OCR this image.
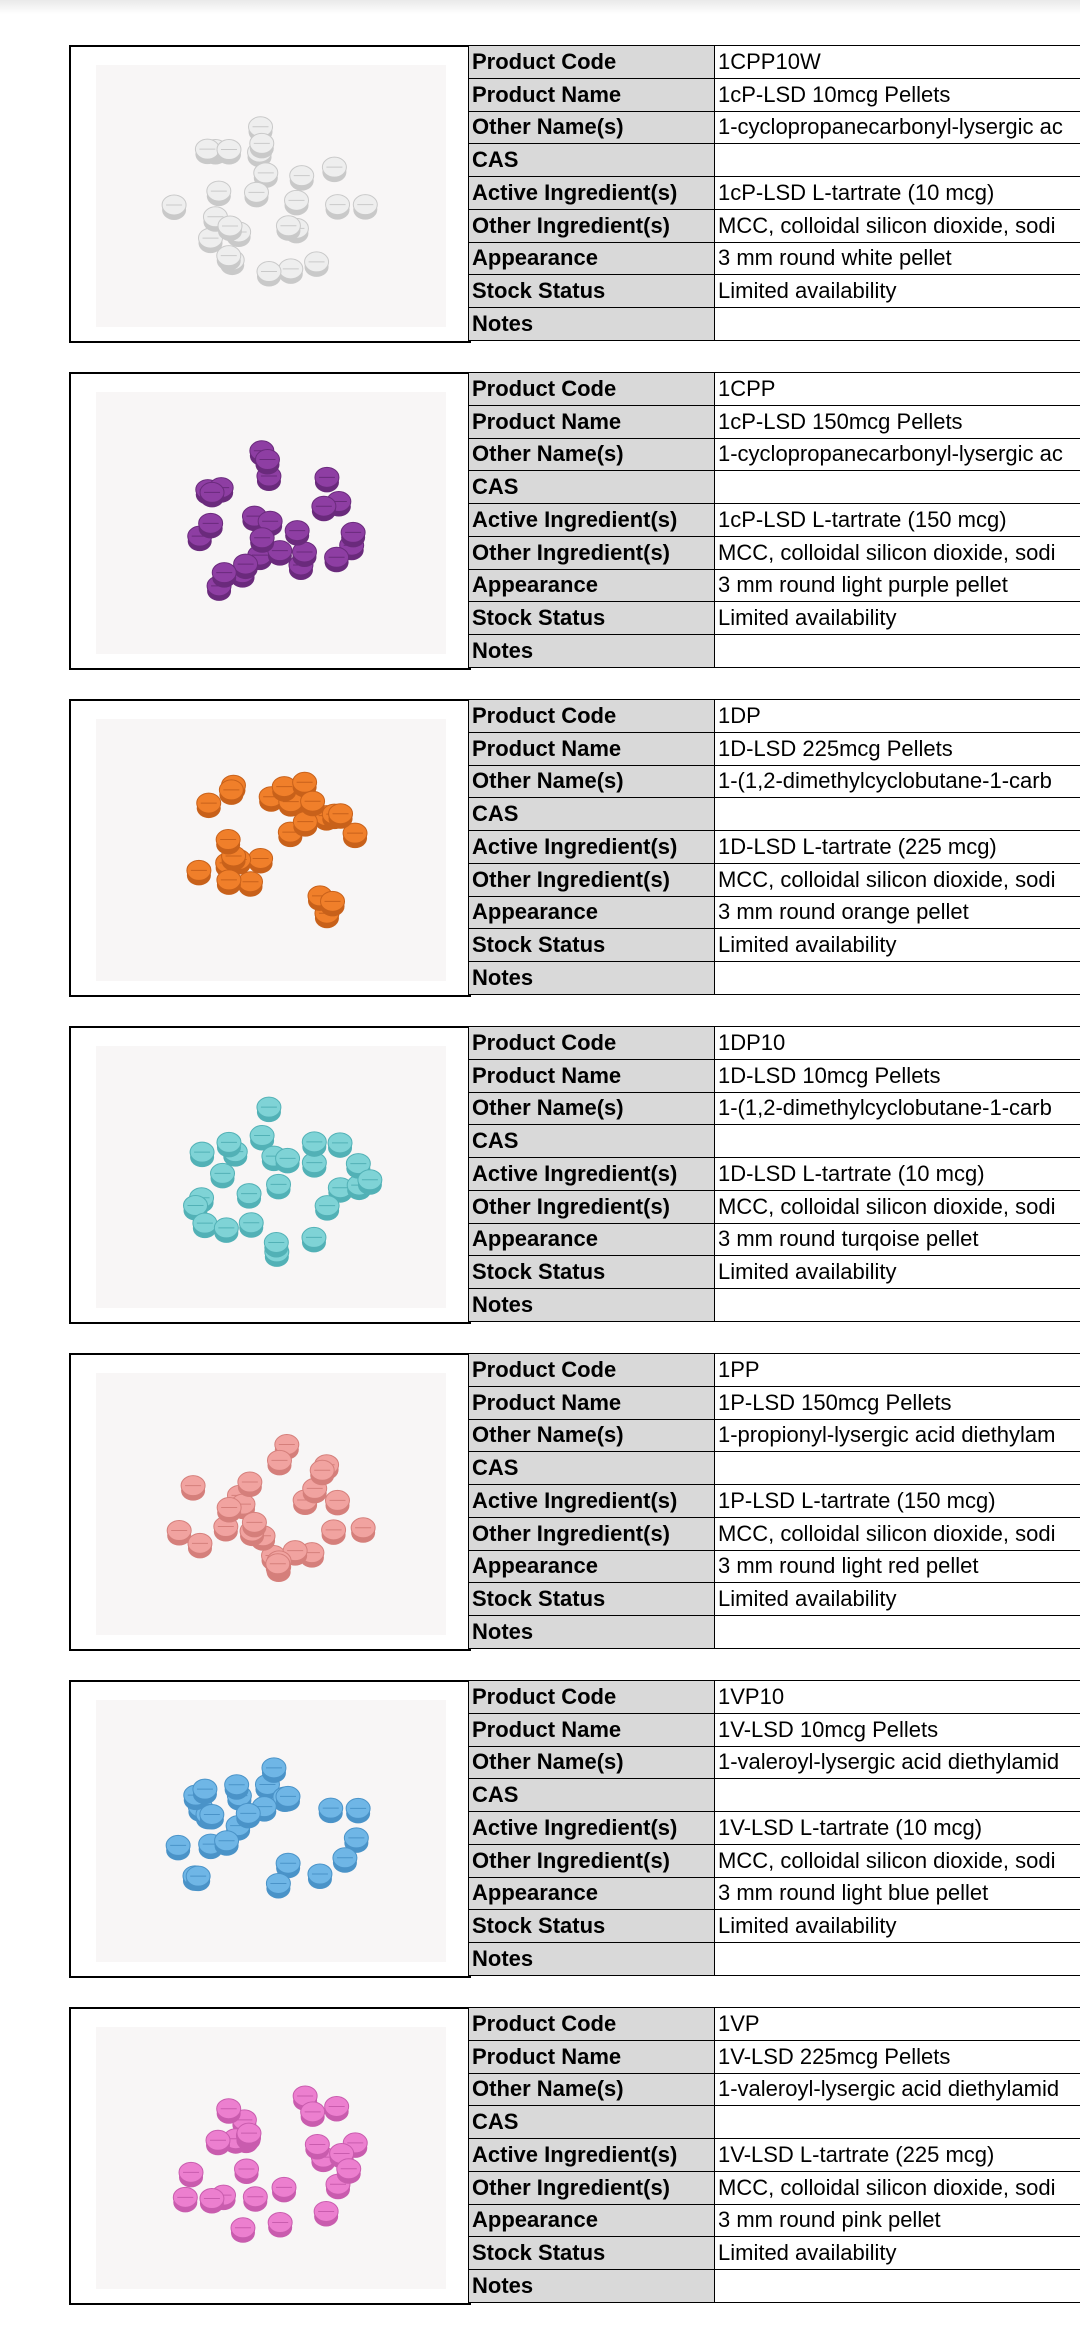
Product Code	1CPP10W
Product Name	1cP-LSD 10mcg Pellets
Other Name(s)	1-cyclopropanecarbonyl-lysergic ac
CAS	
Active Ingredient(s)	1cP-LSD L-tartrate (10 mcg)
Other Ingredient(s)	MCC, colloidal silicon dioxide, sodi
Appearance	3 mm round white pellet
Stock Status	Limited availability
Notes	
Product Code	1CPP
Product Name	1cP-LSD 150mcg Pellets
Other Name(s)	1-cyclopropanecarbonyl-lysergic ac
CAS	
Active Ingredient(s)	1cP-LSD L-tartrate (150 mcg)
Other Ingredient(s)	MCC, colloidal silicon dioxide, sodi
Appearance	3 mm round light purple pellet
Stock Status	Limited availability
Notes	
Product Code	1DP
Product Name	1D-LSD 225mcg Pellets
Other Name(s)	1-(1,2-dimethylcyclobutane-1-carb
CAS	
Active Ingredient(s)	1D-LSD L-tartrate (225 mcg)
Other Ingredient(s)	MCC, colloidal silicon dioxide, sodi
Appearance	3 mm round orange pellet
Stock Status	Limited availability
Notes	
Product Code	1DP10
Product Name	1D-LSD 10mcg Pellets
Other Name(s)	1-(1,2-dimethylcyclobutane-1-carb
CAS	
Active Ingredient(s)	1D-LSD L-tartrate (10 mcg)
Other Ingredient(s)	MCC, colloidal silicon dioxide, sodi
Appearance	3 mm round turqoise pellet
Stock Status	Limited availability
Notes	
Product Code	1PP
Product Name	1P-LSD 150mcg Pellets
Other Name(s)	1-propionyl-lysergic acid diethylam
CAS	
Active Ingredient(s)	1P-LSD L-tartrate (150 mcg)
Other Ingredient(s)	MCC, colloidal silicon dioxide, sodi
Appearance	3 mm round light red pellet
Stock Status	Limited availability
Notes	
Product Code	1VP10
Product Name	1V-LSD 10mcg Pellets
Other Name(s)	1-valeroyl-lysergic acid diethylamid
CAS	
Active Ingredient(s)	1V-LSD L-tartrate (10 mcg)
Other Ingredient(s)	MCC, colloidal silicon dioxide, sodi
Appearance	3 mm round light blue pellet
Stock Status	Limited availability
Notes	
Product Code	1VP
Product Name	1V-LSD 225mcg Pellets
Other Name(s)	1-valeroyl-lysergic acid diethylamid
CAS	
Active Ingredient(s)	1V-LSD L-tartrate (225 mcg)
Other Ingredient(s)	MCC, colloidal silicon dioxide, sodi
Appearance	3 mm round pink pellet
Stock Status	Limited availability
Notes	
